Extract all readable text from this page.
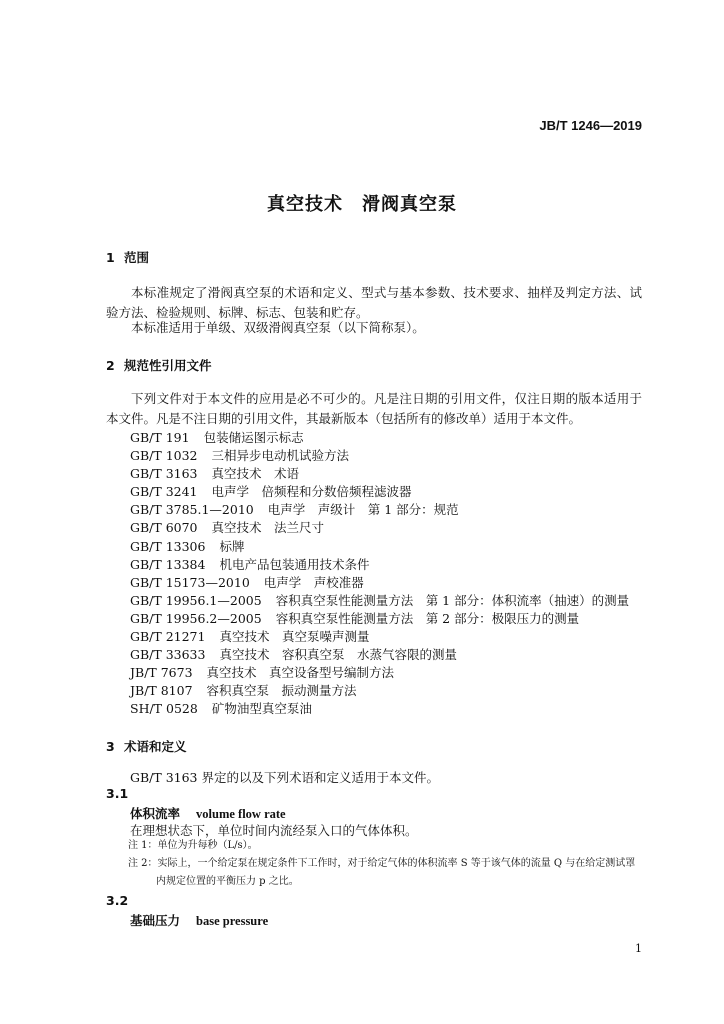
JB/T 1246—2019
真空技术　滑阀真空泵
1 范围
本标准规定了滑阀真空泵的术语和定义、型式与基本参数、技术要求、抽样及判定方法、试验方法、检验规则、标牌、标志、包装和贮存。
本标准适用于单级、双级滑阀真空泵（以下简称泵）。
2 规范性引用文件
下列文件对于本文件的应用是必不可少的。凡是注日期的引用文件，仅注日期的版本适用于本文件。凡是不注日期的引用文件，其最新版本（包括所有的修改单）适用于本文件。
GB/T 191 包装储运图示标志
GB/T 1032 三相异步电动机试验方法
GB/T 3163 真空技术　术语
GB/T 3241 电声学　倍频程和分数倍频程滤波器
GB/T 3785.1—2010 电声学　声级计　第 1 部分：规范
GB/T 6070 真空技术　法兰尺寸
GB/T 13306 标牌
GB/T 13384 机电产品包装通用技术条件
GB/T 15173—2010 电声学　声校准器
GB/T 19956.1—2005 容积真空泵性能测量方法　第 1 部分：体积流率（抽速）的测量
GB/T 19956.2—2005 容积真空泵性能测量方法　第 2 部分：极限压力的测量
GB/T 21271 真空技术　真空泵噪声测量
GB/T 33633 真空技术　容积真空泵　水蒸气容限的测量
JB/T 7673 真空技术　真空设备型号编制方法
JB/T 8107 容积真空泵　振动测量方法
SH/T 0528 矿物油型真空泵油
3 术语和定义
GB/T 3163 界定的以及下列术语和定义适用于本文件。
3.1
体积流率 volume flow rate
在理想状态下，单位时间内流经泵入口的气体体积。
注 1：单位为升每秒（L/s）。
注 2：实际上，一个给定泵在规定条件下工作时，对于给定气体的体积流率 S 等于该气体的流量 Q 与在给定测试罩
内规定位置的平衡压力 p 之比。
3.2
基础压力 base pressure
1
